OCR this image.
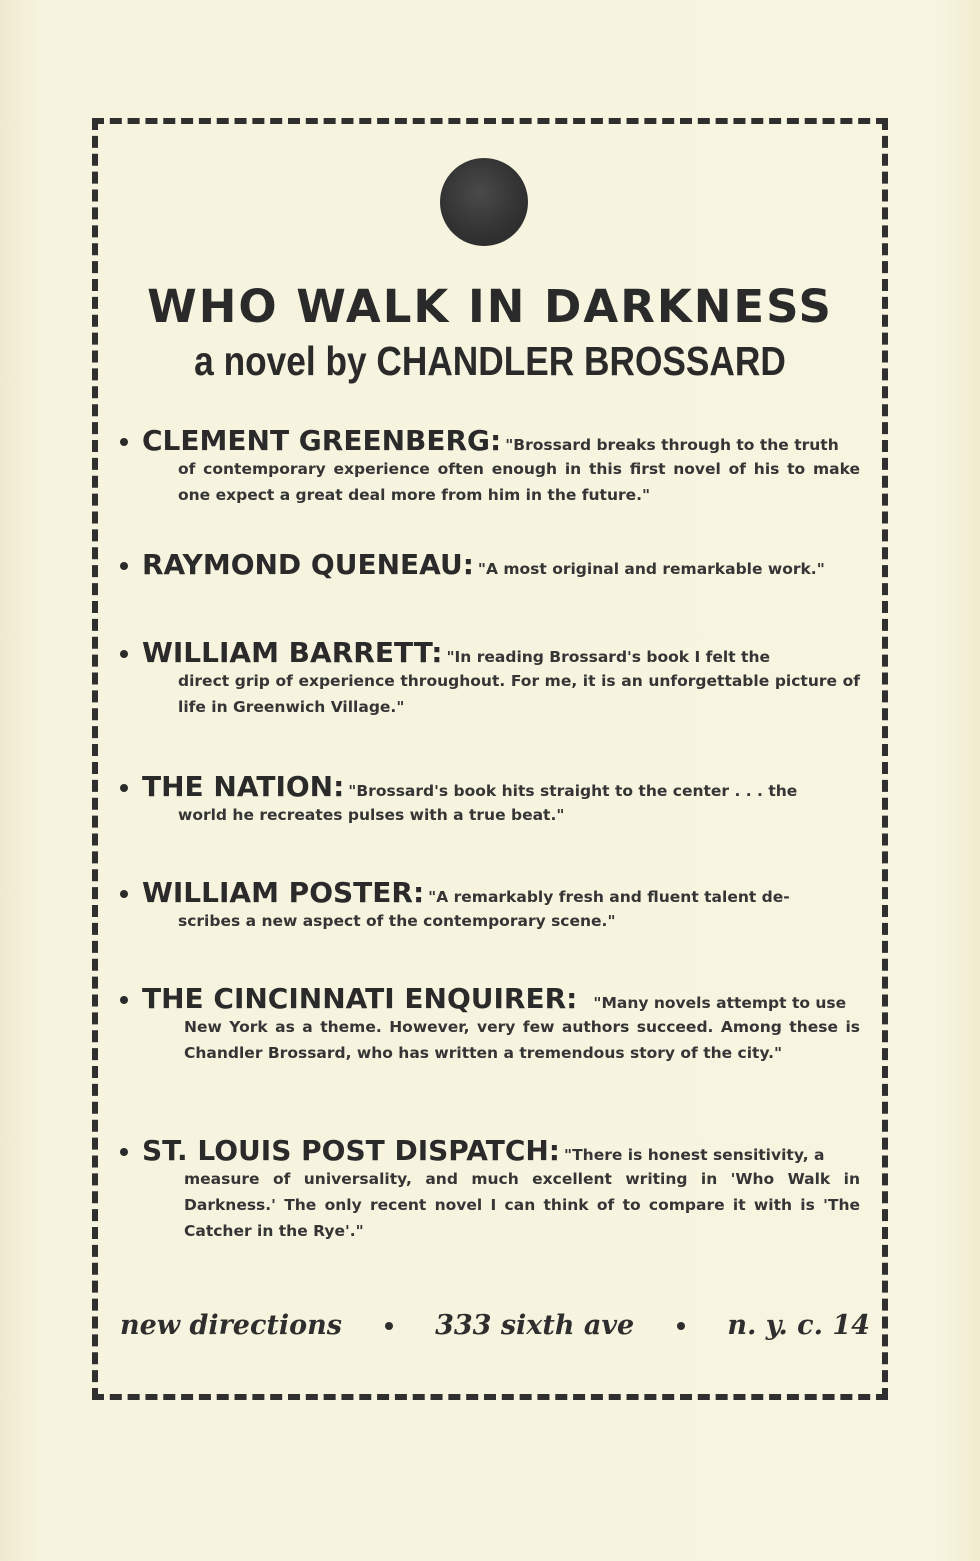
WHO WALK IN DARKNESS
a novel by CHANDLER BROSSARD
CLEMENT GREENBERG: "Brossard breaks through to the truth
of contemporary experience often enough in this first novel of his to make one expect a great deal more from him in the future."
RAYMOND QUENEAU: "A most original and remarkable work."
WILLIAM BARRETT: "In reading Brossard's book I felt the
direct grip of experience throughout. For me, it is an unforgettable picture of life in Greenwich Village."
THE NATION: "Brossard's book hits straight to the center . . . the
world he recreates pulses with a true beat."
WILLIAM POSTER: "A remarkably fresh and fluent talent de-
scribes a new aspect of the contemporary scene."
THE CINCINNATI ENQUIRER: "Many novels attempt to use
New York as a theme. However, very few authors succeed. Among these is Chandler Brossard, who has written a tremendous story of the city."
ST. LOUIS POST DISPATCH: "There is honest sensitivity, a
measure of universality, and much excellent writing in 'Who Walk in Darkness.' The only recent novel I can think of to compare it with is 'The Catcher in the Rye'."
new directions	333 sixth ave	n. y. c. 14
